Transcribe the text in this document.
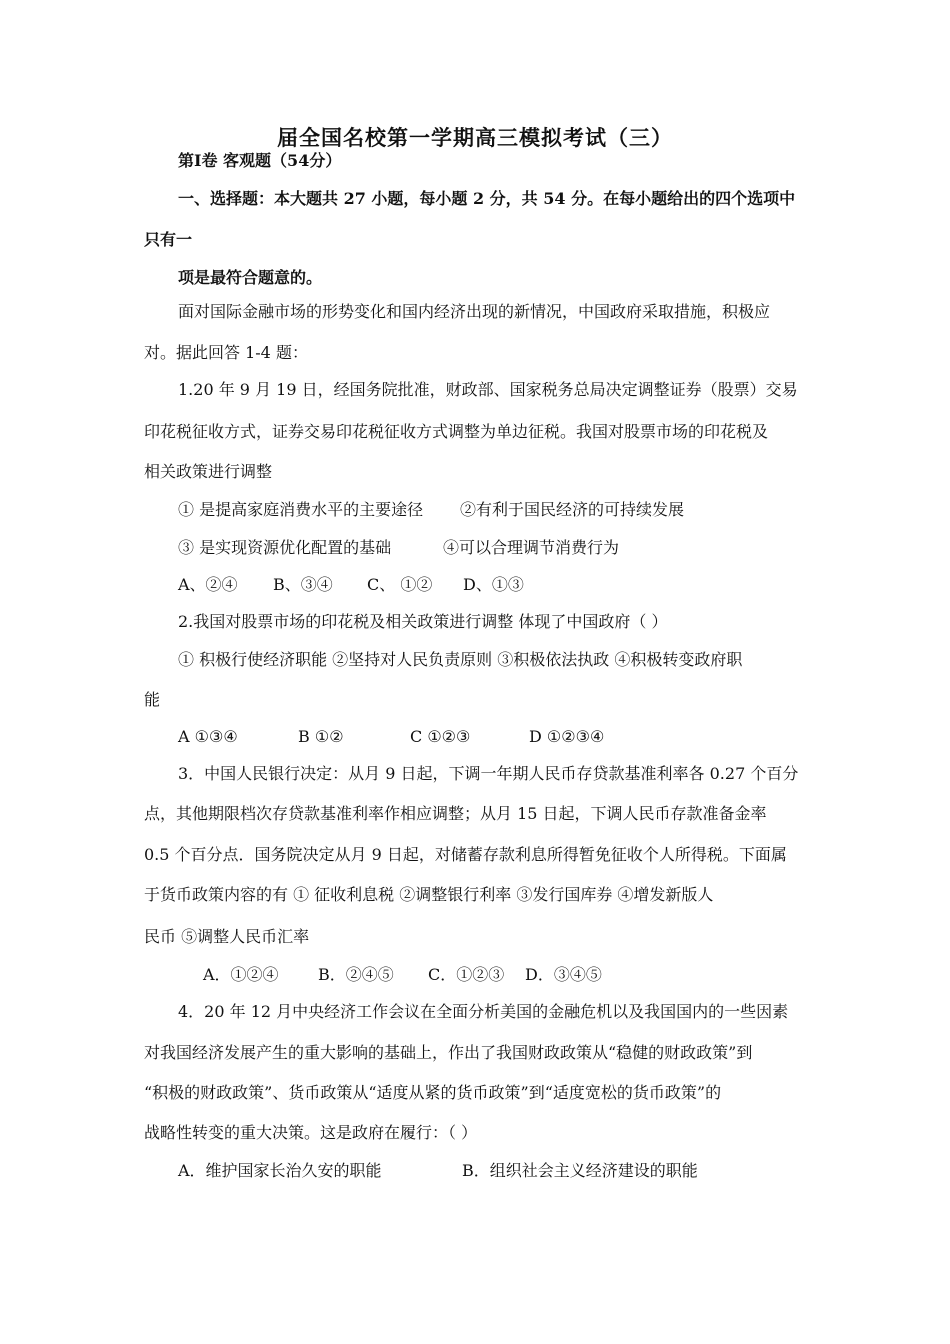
届全国名校第一学期高三模拟考试（三）
第Ⅰ卷 客观题（54分）
一、选择题：本大题共 27 小题，每小题 2 分，共 54 分。在每小题给出的四个选项中
只有一
项是最符合题意的。
面对国际金融市场的形势变化和国内经济出现的新情况，中国政府采取措施，积极应
对。据此回答 1-4 题：
1.20 年 9 月 19 日，经国务院批准，财政部、国家税务总局决定调整证券（股票）交易
印花税征收方式，证券交易印花税征收方式调整为单边征税。我国对股票市场的印花税及
相关政策进行调整
① 是提高家庭消费水平的主要途径 ②有利于国民经济的可持续发展
③ 是实现资源优化配置的基础	④可以合理调节消费行为
A、②④ B、③④ C、 ①② D、①③
2.我国对股票市场的印花税及相关政策进行调整 体现了中国政府（ ）
① 积极行使经济职能 ②坚持对人民负责原则 ③积极依法执政 ④积极转变政府职
能
A ①③④	B ①②	C ①②③	D ①②③④
3．中国人民银行决定：从月 9 日起，下调一年期人民币存贷款基准利率各 0.27 个百分
点，其他期限档次存贷款基准利率作相应调整；从月 15 日起，下调人民币存款准备金率
0.5 个百分点．国务院决定从月 9 日起，对储蓄存款利息所得暂免征收个人所得税。下面属
于货币政策内容的有 ① 征收利息税 ②调整银行利率 ③发行国库券 ④增发新版人
民币 ⑤调整人民币汇率
A．①②④ B．②④⑤ C．①②③ D．③④⑤
4．20 年 12 月中央经济工作会议在全面分析美国的金融危机以及我国国内的一些因素
对我国经济发展产生的重大影响的基础上，作出了我国财政政策从“稳健的财政政策”到
“积极的财政政策”、货币政策从“适度从紧的货币政策”到“适度宽松的货币政策”的
战略性转变的重大决策。这是政府在履行：（ ）
A．维护国家长治久安的职能	B．组织社会主义经济建设的职能
